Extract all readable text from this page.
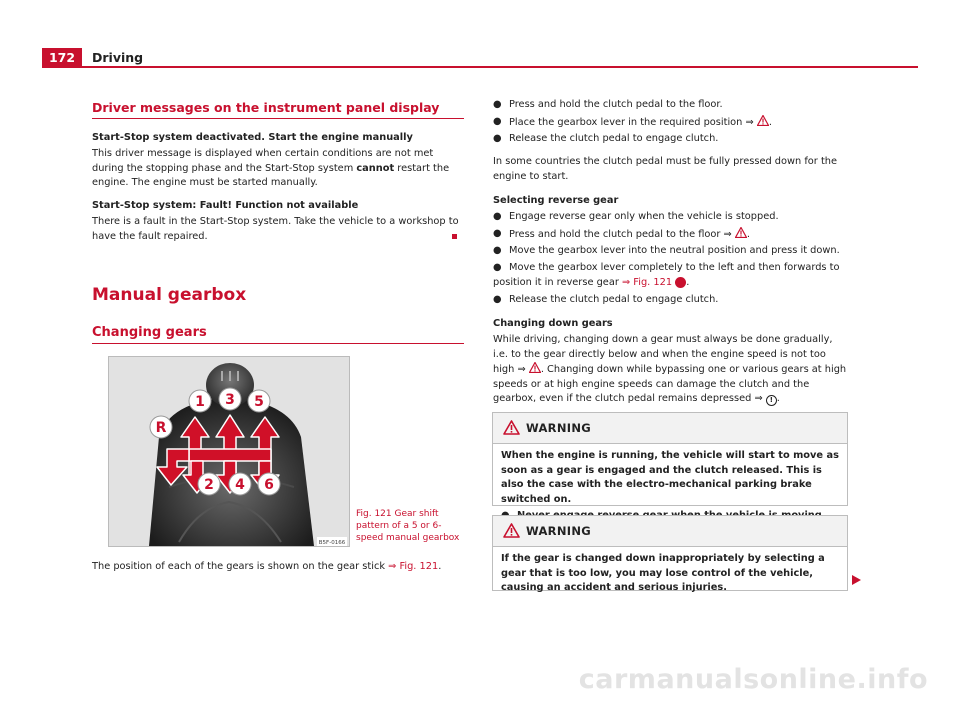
172	Driving
Driver messages on the instrument panel display
Start-Stop system deactivated. Start the engine manually
This driver message is displayed when certain conditions are not met during the stopping phase and the Start-Stop system cannot restart the engine. The engine must be started manually.
Start-Stop system: Fault! Function not available
There is a fault in the Start-Stop system. Take the vehicle to a workshop to have the fault repaired.
Manual gearbox
Changing gears
1 3 5
R
2 4 6
B5F-0166
Fig. 121 Gear shift pattern of a 5 or 6-speed manual gearbox
The position of each of the gears is shown on the gear stick ⇒ Fig. 121.
● Press and hold the clutch pedal to the floor.
● Place the gearbox lever in the required position ⇒ .
● Release the clutch pedal to engage clutch.
In some countries the clutch pedal must be fully pressed down for the engine to start.
Selecting reverse gear
● Engage reverse gear only when the vehicle is stopped.
● Press and hold the clutch pedal to the floor ⇒ .
● Move the gearbox lever into the neutral position and press it down.
● Move the gearbox lever completely to the left and then forwards to position it in reverse gear ⇒ Fig. 121 R.
● Release the clutch pedal to engage clutch.
Changing down gears
While driving, changing down a gear must always be done gradually, i.e. to the gear directly below and when the engine speed is not too high ⇒ . Changing down while bypassing one or various gears at high speeds or at high engine speeds can damage the clutch and the gearbox, even if the clutch pedal remains depressed ⇒ ! .
WARNING
When the engine is running, the vehicle will start to move as soon as a gear is engaged and the clutch released. This is also the case with the electro-mechanical parking brake switched on.
WARNING
If the gear is changed down inappropriately by selecting a gear that is too low, you may lose control of the vehicle, causing an accident and serious injuries.
carmanualsonline.info
